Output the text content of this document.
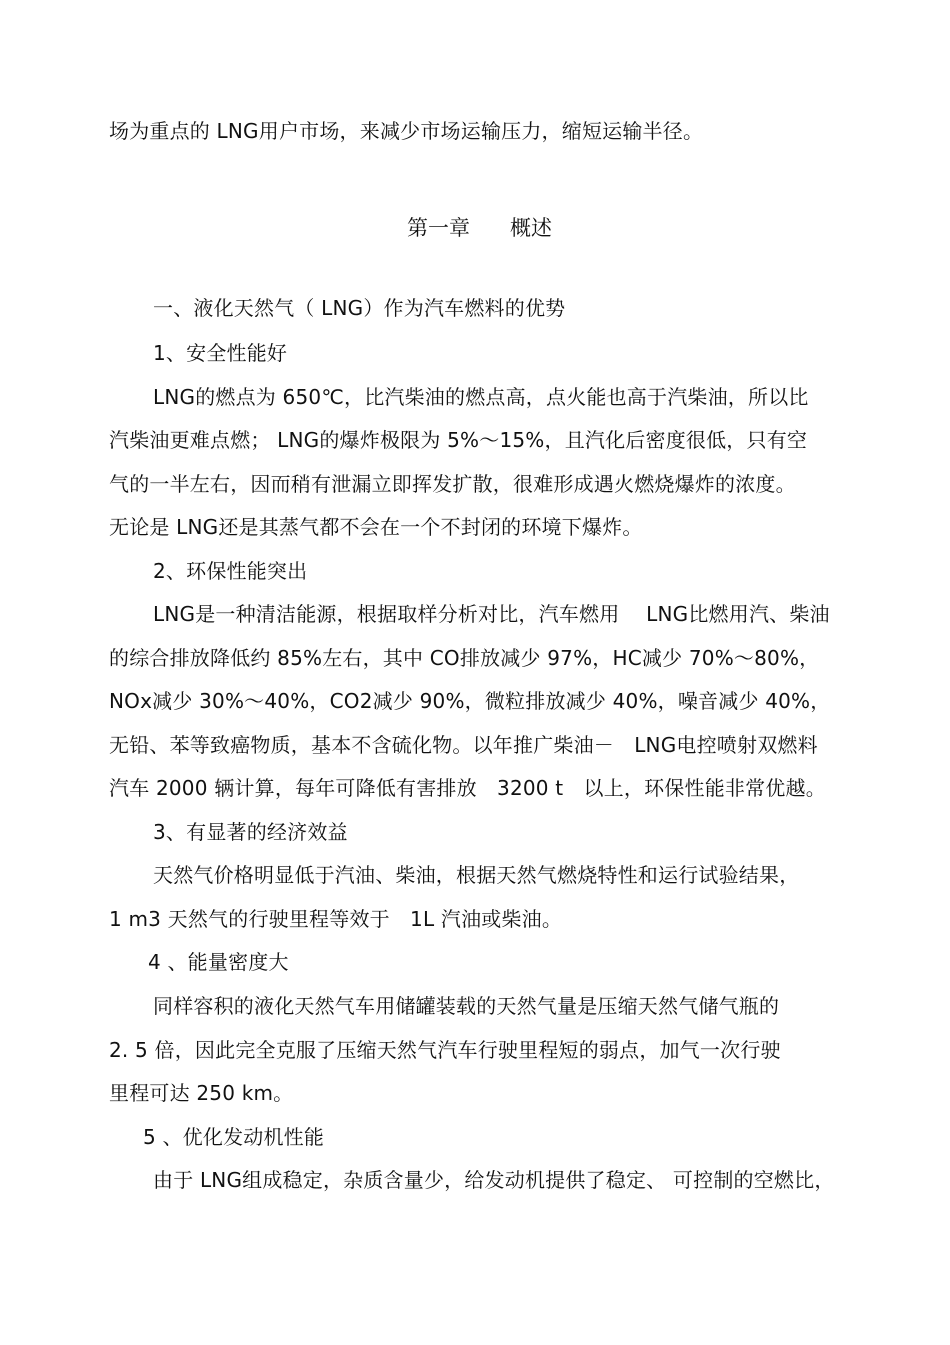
场为重点的 LNG用户市场，来减少市场运输压力，缩短运输半径。
第一章 概述
一、液化天然气（ LNG）作为汽车燃料的优势
1、安全性能好
LNG的燃点为 650℃，比汽柴油的燃点高，点火能也高于汽柴油，所以比
汽柴油更难点燃； LNG的爆炸极限为 5%～15%，且汽化后密度很低，只有空
气的一半左右，因而稍有泄漏立即挥发扩散，很难形成遇火燃烧爆炸的浓度。
无论是 LNG还是其蒸气都不会在一个不封闭的环境下爆炸。
2、环保性能突出
LNG是一种清洁能源，根据取样分析对比，汽车燃用　 LNG比燃用汽、柴油
的综合排放降低约 85%左右，其中 CO排放减少 97%，HC减少 70%～80%，
NOx减少 30%～40%，CO2减少 90%，微粒排放减少 40%，噪音减少 40%，
无铅、苯等致癌物质，基本不含硫化物。以年推广柴油－　LNG电控喷射双燃料
汽车 2000 辆计算，每年可降低有害排放　3200 t　以上，环保性能非常优越。
3、有显著的经济效益
天然气价格明显低于汽油、柴油，根据天然气燃烧特性和运行试验结果，
1 m3 天然气的行驶里程等效于　1L 汽油或柴油。
4 、能量密度大
同样容积的液化天然气车用储罐装载的天然气量是压缩天然气储气瓶的
2. 5 倍，因此完全克服了压缩天然气汽车行驶里程短的弱点，加气一次行驶
里程可达 250 km。
5 、优化发动机性能
由于 LNG组成稳定，杂质含量少，给发动机提供了稳定、 可控制的空燃比，
